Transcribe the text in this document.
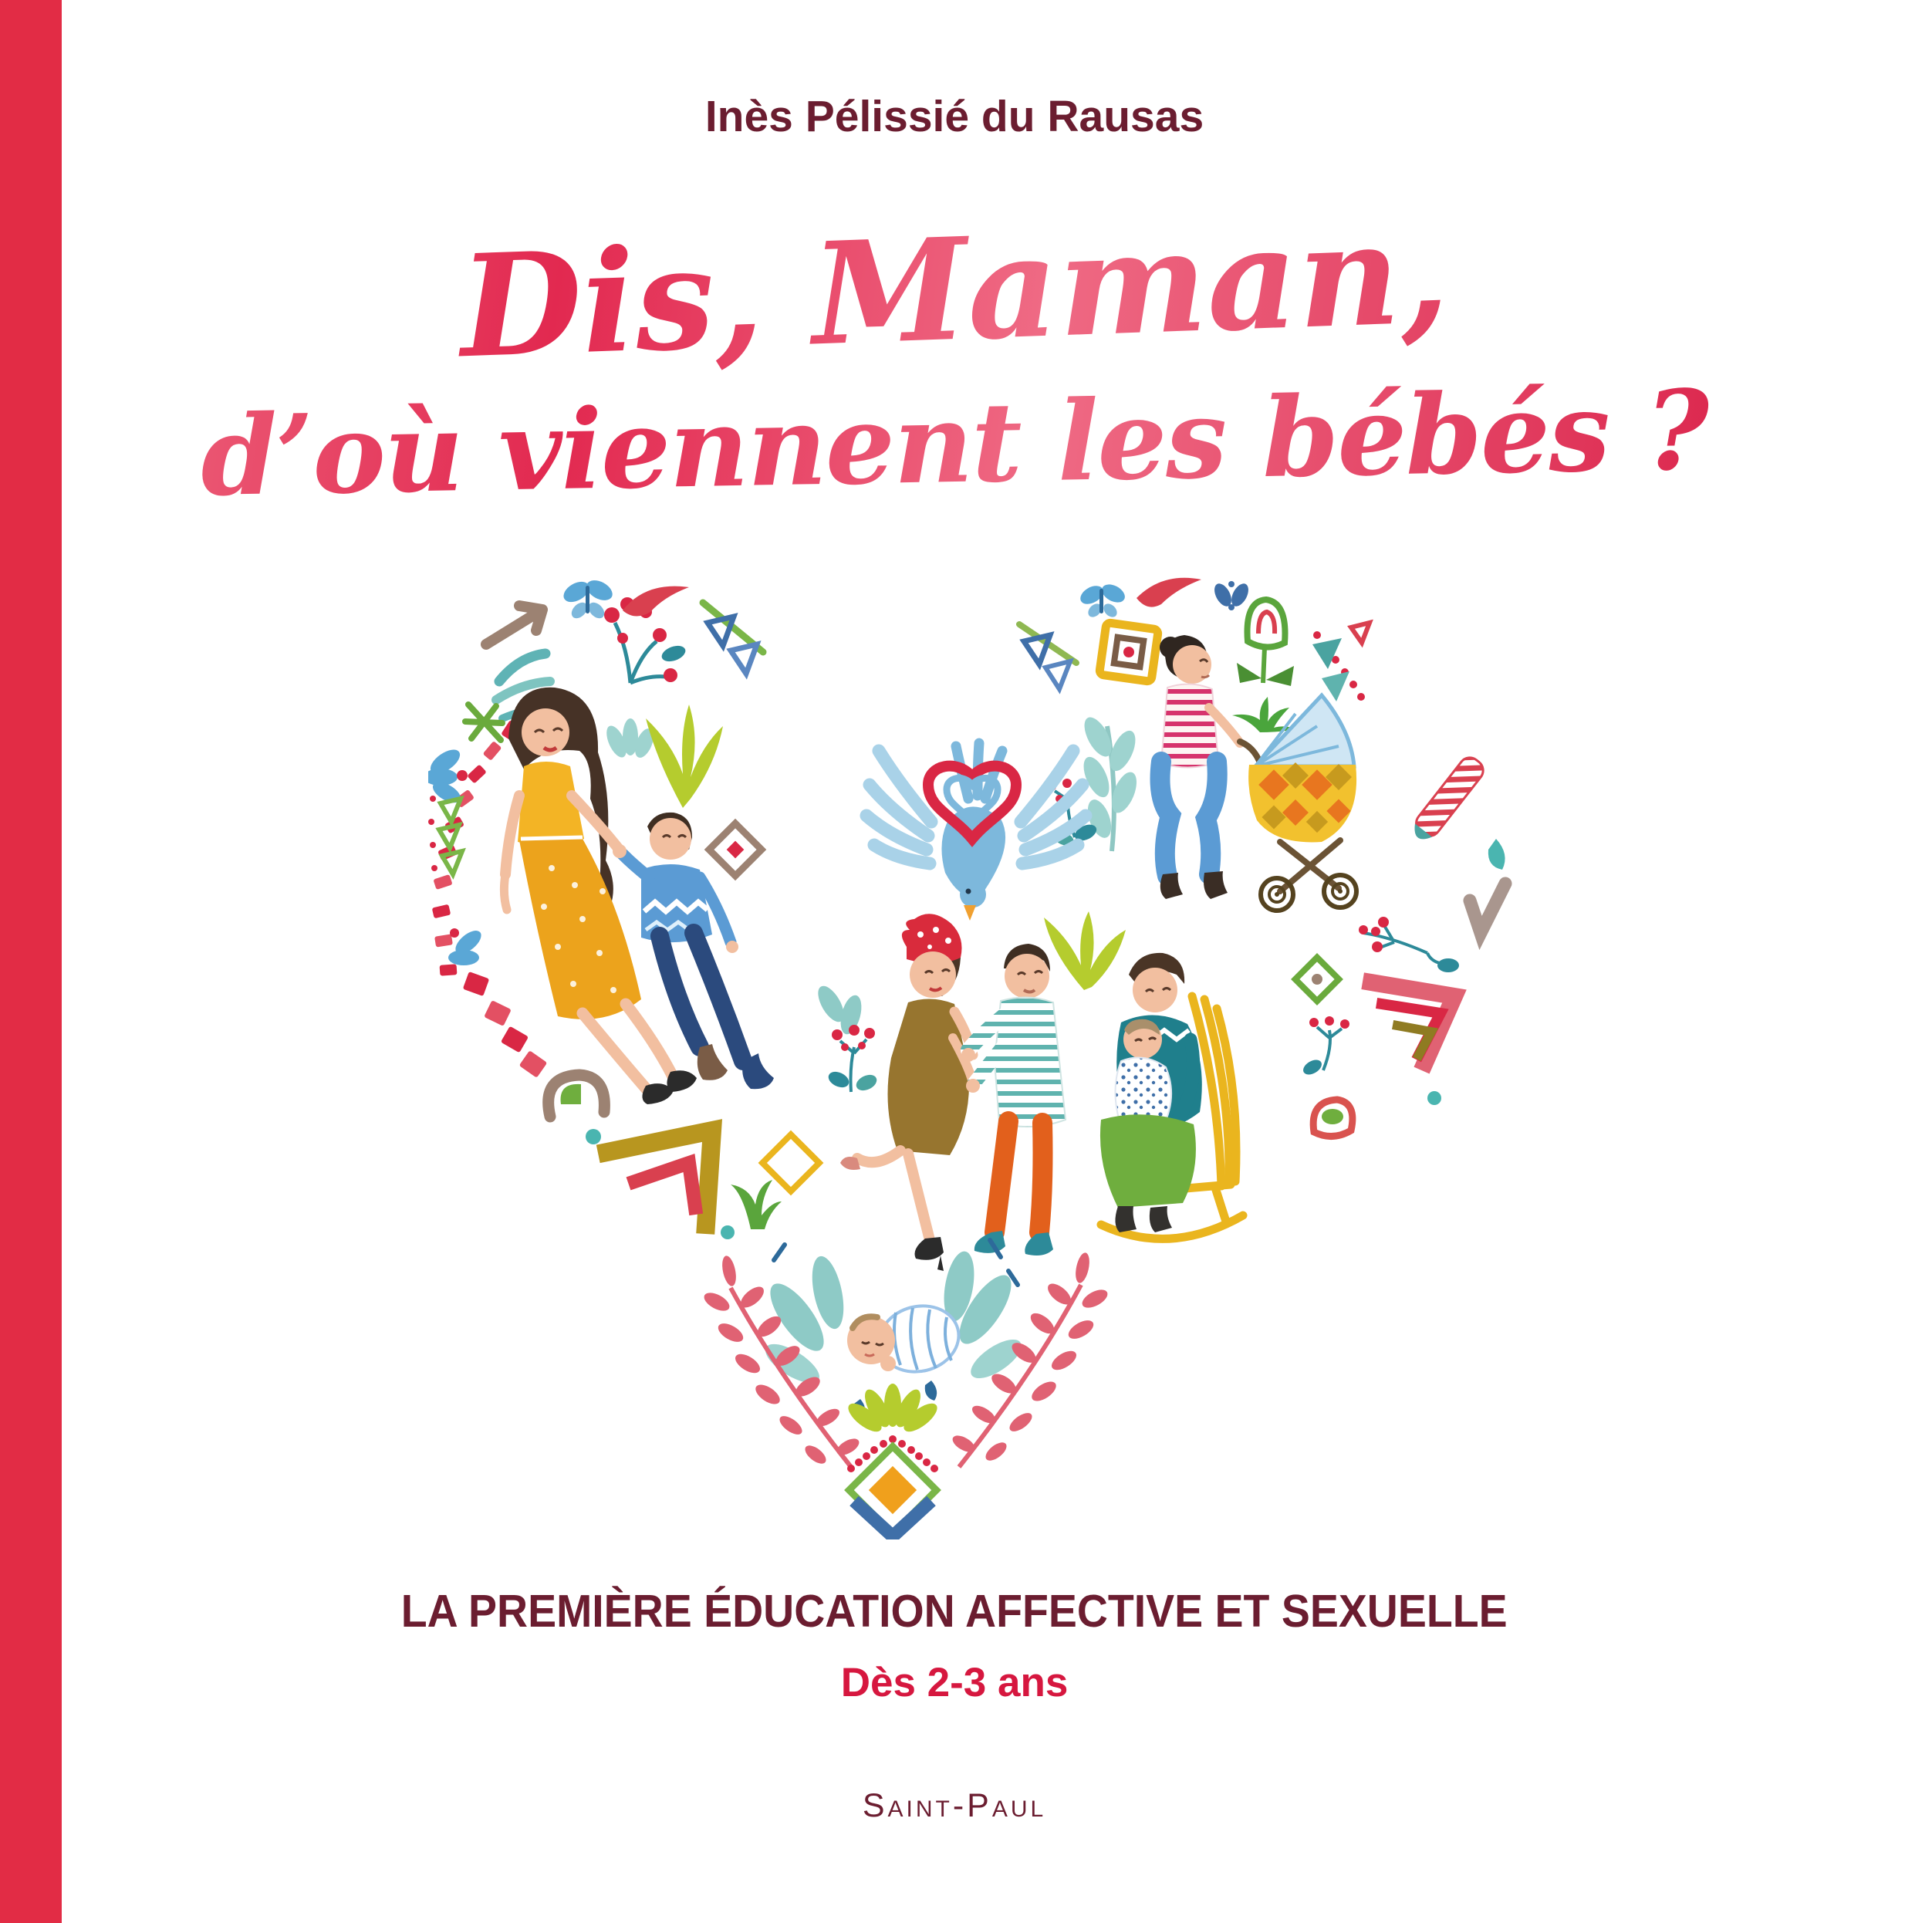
Inès Pélissié du Rausas
Dis, Maman,
d’où viennent les bébés ?
LA PREMIÈRE ÉDUCATION AFFECTIVE ET SEXUELLE
Dès 2-3 ans
Saint-Paul
